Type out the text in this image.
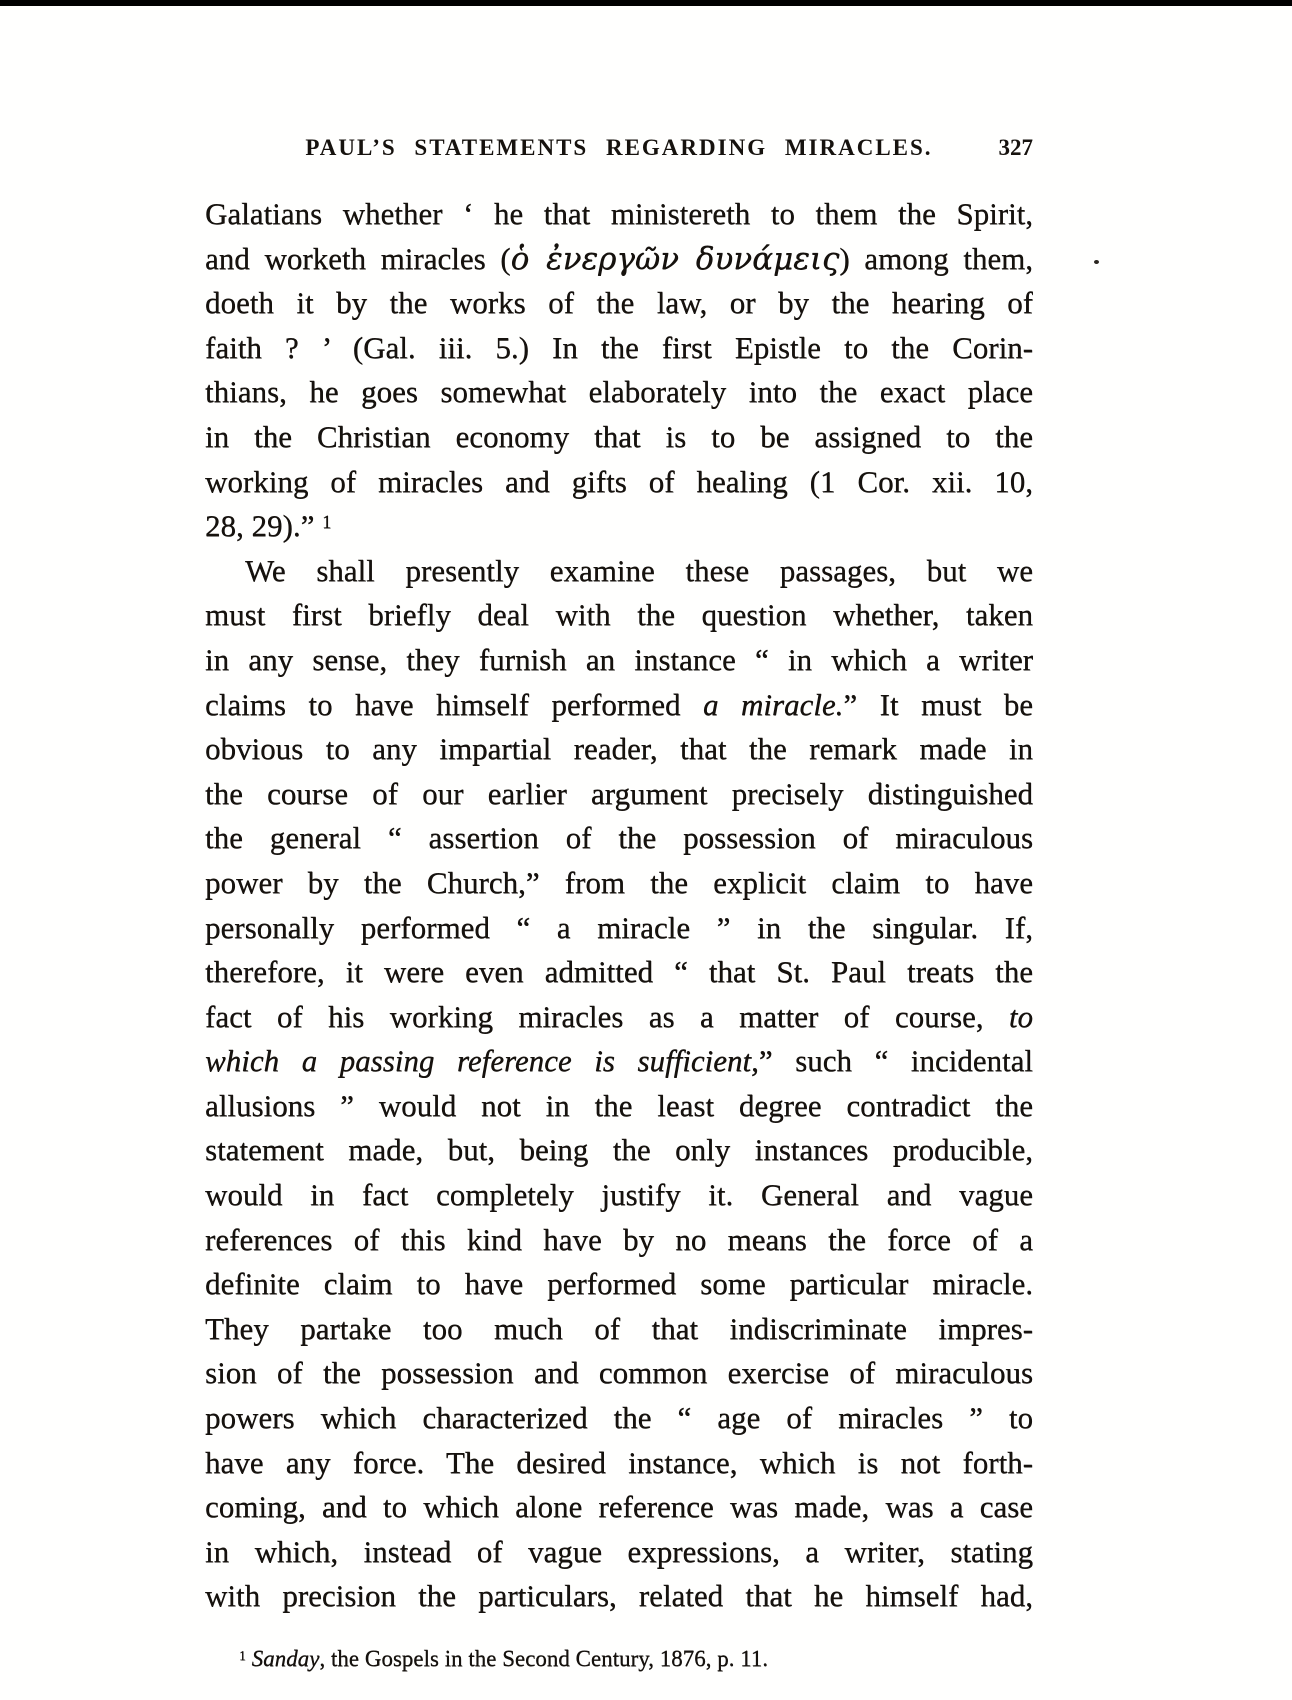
PAUL’S STATEMENTS REGARDING MIRACLES.	327
Galatians whether ‘ he that ministereth to them the Spirit,
and worketh miracles (ὁ ἐνεργῶν δυνάμεις) among them,
doeth it by the works of the law, or by the hearing of
faith ? ’ (Gal. iii. 5.) In the first Epistle to the Corin-
thians, he goes somewhat elaborately into the exact place
in the Christian economy that is to be assigned to the
working of miracles and gifts of healing (1 Cor. xii. 10,
28, 29).” $^1$
We shall presently examine these passages, but we
must first briefly deal with the question whether, taken
in any sense, they furnish an instance “ in which a writer
claims to have himself performed a miracle.” It must be
obvious to any impartial reader, that the remark made in
the course of our earlier argument precisely distinguished
the general “ assertion of the possession of miraculous
power by the Church,” from the explicit claim to have
personally performed “ a miracle ” in the singular. If,
therefore, it were even admitted “ that St. Paul treats the
fact of his working miracles as a matter of course, to
which a passing reference is sufficient,” such “ incidental
allusions ” would not in the least degree contradict the
statement made, but, being the only instances producible,
would in fact completely justify it. General and vague
references of this kind have by no means the force of a
definite claim to have performed some particular miracle.
They partake too much of that indiscriminate impres-
sion of the possession and common exercise of miraculous
powers which characterized the “ age of miracles ” to
have any force. The desired instance, which is not forth-
coming, and to which alone reference was made, was a case
in which, instead of vague expressions, a writer, stating
with precision the particulars, related that he himself had,
$^1$ Sanday, the Gospels in the Second Century, 1876, p. 11.
